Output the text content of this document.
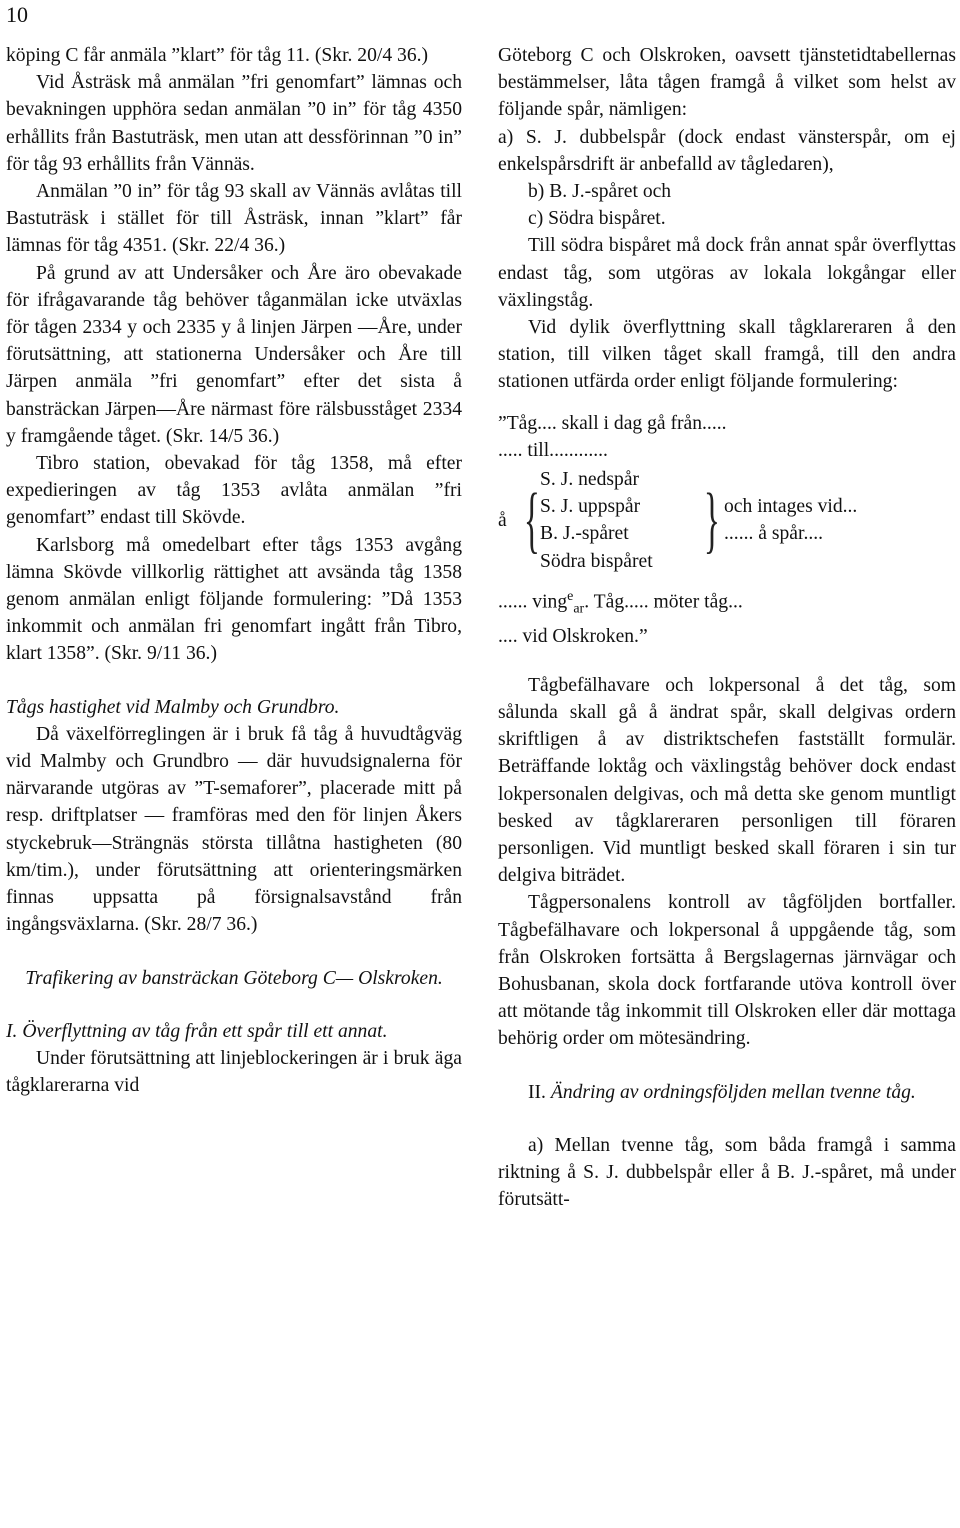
10

köping C får anmäla ”klart” för tåg 11. (Skr. 20/4 36.)

Vid Åsträsk må anmälan ”fri genomfart” lämnas och bevakningen upphöra sedan anmälan ”0 in” för tåg 4350 erhållits från Bastuträsk, men utan att dessförinnan ”0 in” för tåg 93 erhållits från Vännäs.

Anmälan ”0 in” för tåg 93 skall av Vännäs avlåtas till Bastuträsk i stället för till Åsträsk, innan ”klart” får lämnas för tåg 4351. (Skr. 22/4 36.)

På grund av att Undersåker och Åre äro obevakade för ifrågavarande tåg behöver tåganmälan icke utväxlas för tågen 2334 y och 2335 y å linjen Järpen —Åre, under förutsättning, att stationerna Undersåker och Åre till Järpen anmäla ”fri genomfart” efter det sista å bansträckan Järpen—Åre närmast före rälsbusståget 2334 y framgående tåget. (Skr. 14/5 36.)

Tibro station, obevakad för tåg 1358, må efter expedieringen av tåg 1353 avlåta anmälan ”fri genomfart” endast till Skövde.

Karlsborg må omedelbart efter tågs 1353 avgång lämna Skövde villkorlig rättighet att avsända tåg 1358 genom anmälan enligt följande formulering: ”Då 1353 inkommit och anmälan fri genomfart ingått från Tibro, klart 1358”. (Skr. 9/11 36.)

Tågs hastighet vid Malmby och Grundbro.

Då växelförreglingen är i bruk få tåg å huvudtågväg vid Malmby och Grundbro — där huvudsignalerna för närvarande utgöras av ”T-semaforer”, placerade mitt på resp. driftplatser — framföras med den för linjen Åkers styckebruk—Strängnäs största tillåtna hastigheten (80 km/tim.), under förutsättning att orienteringsmärken finnas uppsatta på försignalsavstånd från ingångsväxlarna. (Skr. 28/7 36.)

Trafikering av bansträckan Göteborg C— Olskroken.

I. Överflyttning av tåg från ett spår till ett annat.

Under förutsättning att linjeblockeringen är i bruk äga tågklarerarna vid

Göteborg C och Olskroken, oavsett tjänstetidtabellernas bestämmelser, låta tågen framgå å vilket som helst av följande spår, nämligen:

a) S. J. dubbelspår (dock endast vänsterspår, om ej enkelspårsdrift är anbefalld av tågledaren),

b) B. J.-spåret och

c) Södra bispåret.

Till södra bispåret må dock från annat spår överflyttas endast tåg, som utgöras av lokala lokgångar eller växlingståg.

Vid dylik överflyttning skall tågklareraren å den station, till vilken tåget skall framgå, till den andra stationen utfärda order enligt följande formulering:

”Tåg.... skall i dag gå från.....
..... till............
å { S. J. nedspår
S. J. uppspår
B. J.-spåret
Södra bispåret } och intages vid...
...... å spår....
...... ving$^e_{ar}$. Tåg..... möter tåg...
.... vid Olskroken.”

Tågbefälhavare och lokpersonal å det tåg, som sålunda skall gå å ändrat spår, skall delgivas ordern skriftligen å av distriktschefen fastställt formulär. Beträffande loktåg och växlingståg behöver dock endast lokpersonalen delgivas, och må detta ske genom muntligt besked av tågklareraren personligen till föraren personligen. Vid muntligt besked skall föraren i sin tur delgiva biträdet.

Tågpersonalens kontroll av tågföljden bortfaller. Tågbefälhavare och lokpersonal å uppgående tåg, som från Olskroken fortsätta å Bergslagernas järnvägar och Bohusbanan, skola dock fortfarande utöva kontroll över att mötande tåg inkommit till Olskroken eller där mottaga behörig order om mötesändring.

II. Ändring av ordningsföljden mellan tvenne tåg.

a) Mellan tvenne tåg, som båda framgå i samma riktning å S. J. dubbelspår eller å B. J.-spåret, må under förutsätt-
